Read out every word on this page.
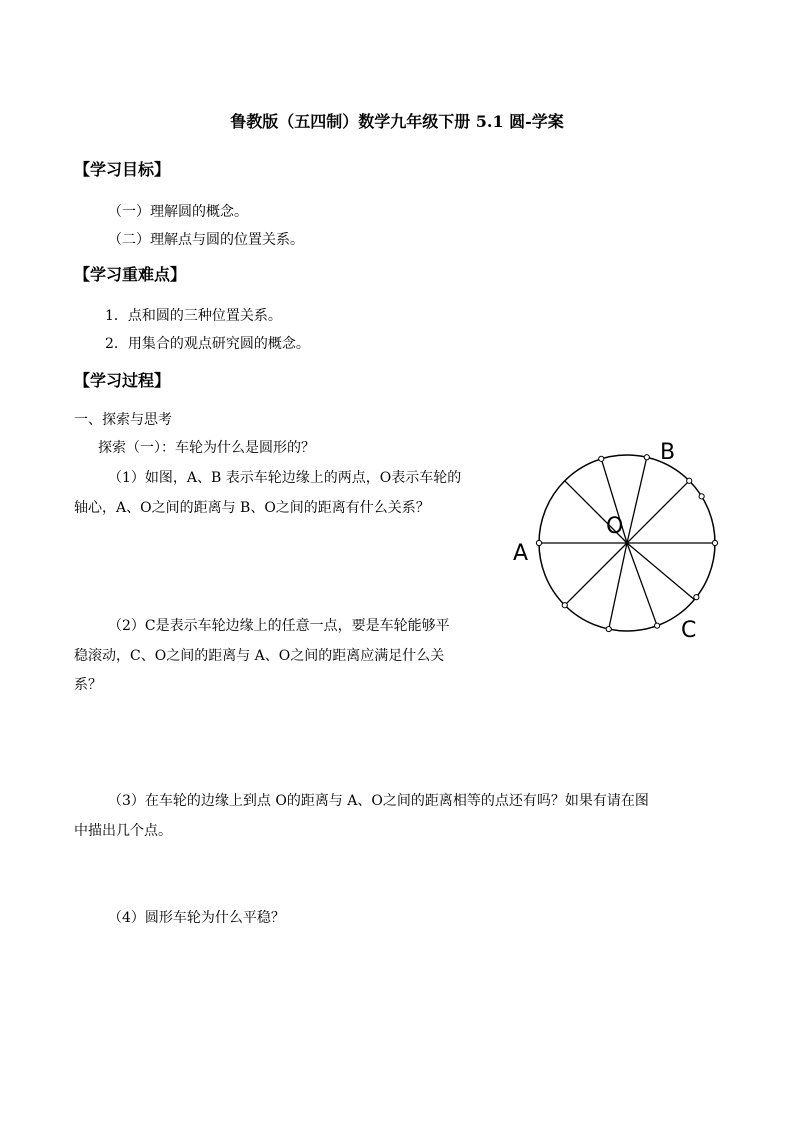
鲁教版（五四制）数学九年级下册 5.1 圆-学案
【学习目标】
（一）理解圆的概念。
（二）理解点与圆的位置关系。
【学习重难点】
1．点和圆的三种位置关系。
2．用集合的观点研究圆的概念。
【学习过程】
一、探索与思考
探索（一）：车轮为什么是圆形的？
（1）如图，A、B 表示车轮边缘上的两点，O表示车轮的
轴心，A、O之间的距离与 B、O之间的距离有什么关系？
（2）C是表示车轮边缘上的任意一点，要是车轮能够平
稳滚动，C、O之间的距离与 A、O之间的距离应满足什么关
系？
（3）在车轮的边缘上到点 O的距离与 A、O之间的距离相等的点还有吗？如果有请在图
中描出几个点。
（4）圆形车轮为什么平稳？
A
B
C
O
